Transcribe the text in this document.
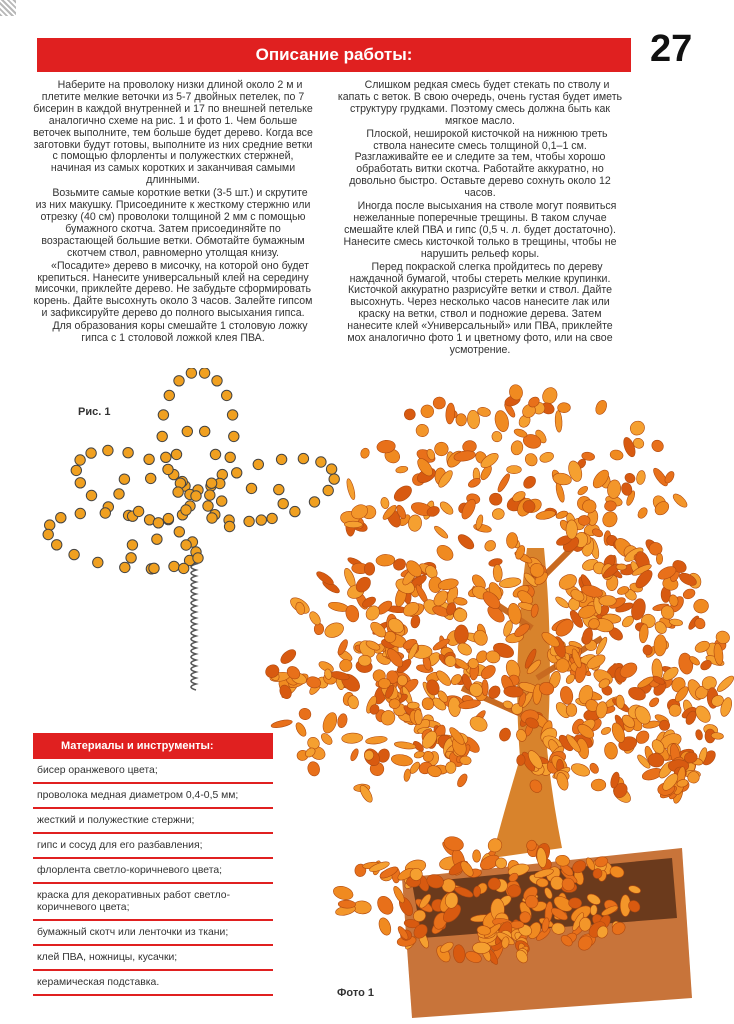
Описание работы:	27

Наберите на проволоку низки длиной около 2 м и плетите мелкие веточки из 5-7 двойных петелек, по 7 бисерин в каждой внутренней и 17 по внешней петельке аналогично схеме на рис. 1 и фото 1. Чем больше веточек выполните, тем больше будет дерево. Когда все заготовки будут готовы, выполните из них средние ветки с помощью флорленты и полужестких стержней, начиная из самых коротких и заканчивая самыми длинными.

Возьмите самые короткие ветки (3-5 шт.) и скрутите из них макушку. Присоедините к жесткому стержню или отрезку (40 см) проволоки толщиной 2 мм с помощью бумажного скотча. Затем присоединяйте по возрастающей большие ветки. Обмотайте бумажным скотчем ствол, равномерно утолщая книзу.

«Посадите» дерево в мисочку, на которой оно будет крепиться. Нанесите универсальный клей на середину мисочки, приклейте дерево. Не забудьте сформировать корень. Дайте высохнуть около 3 часов. Залейте гипсом и зафиксируйте дерево до полного высыхания гипса.

Для образования коры смешайте 1 столовую ложку гипса с 1 столовой ложкой клея ПВА.

Слишком редкая смесь будет стекать по стволу и капать с веток. В свою очередь, очень густая будет иметь структуру грудками. Поэтому смесь должна быть как мягкое масло.

Плоской, неширокой кисточкой на нижнюю треть ствола нанесите смесь толщиной 0,1–1 см. Разглаживайте ее и следите за тем, чтобы хорошо обработать витки скотча. Работайте аккуратно, но довольно быстро. Оставьте дерево сохнуть около 12 часов.

Иногда после высыхания на стволе могут появиться нежеланные поперечные трещины. В таком случае смешайте клей ПВА и гипс (0,5 ч. л. будет достаточно). Нанесите смесь кисточкой только в трещины, чтобы не нарушить рельеф коры.

Перед покраской слегка пройдитесь по дереву наждачной бумагой, чтобы стереть мелкие крупинки. Кисточкой аккуратно разрисуйте ветки и ствол. Дайте высохнуть. Через несколько часов нанесите лак или краску на ветки, ствол и подножие дерева. Затем нанесите клей «Универсальный» или ПВА, приклейте мох аналогично фото 1 и цветному фото, или на свое усмотрение.

Рис. 1
Материалы и инструменты:
бисер оранжевого цвета;
проволока медная диаметром 0,4-0,5 мм;
жесткий и полужесткие стержни;
гипс и сосуд для его разбавления;
флорлента светло-коричневого цвета;
краска для декоративных работ светло-коричневого цвета;
бумажный скотч или ленточки из ткани;
клей ПВА, ножницы, кусачки;
керамическая подставка.
Фото 1
